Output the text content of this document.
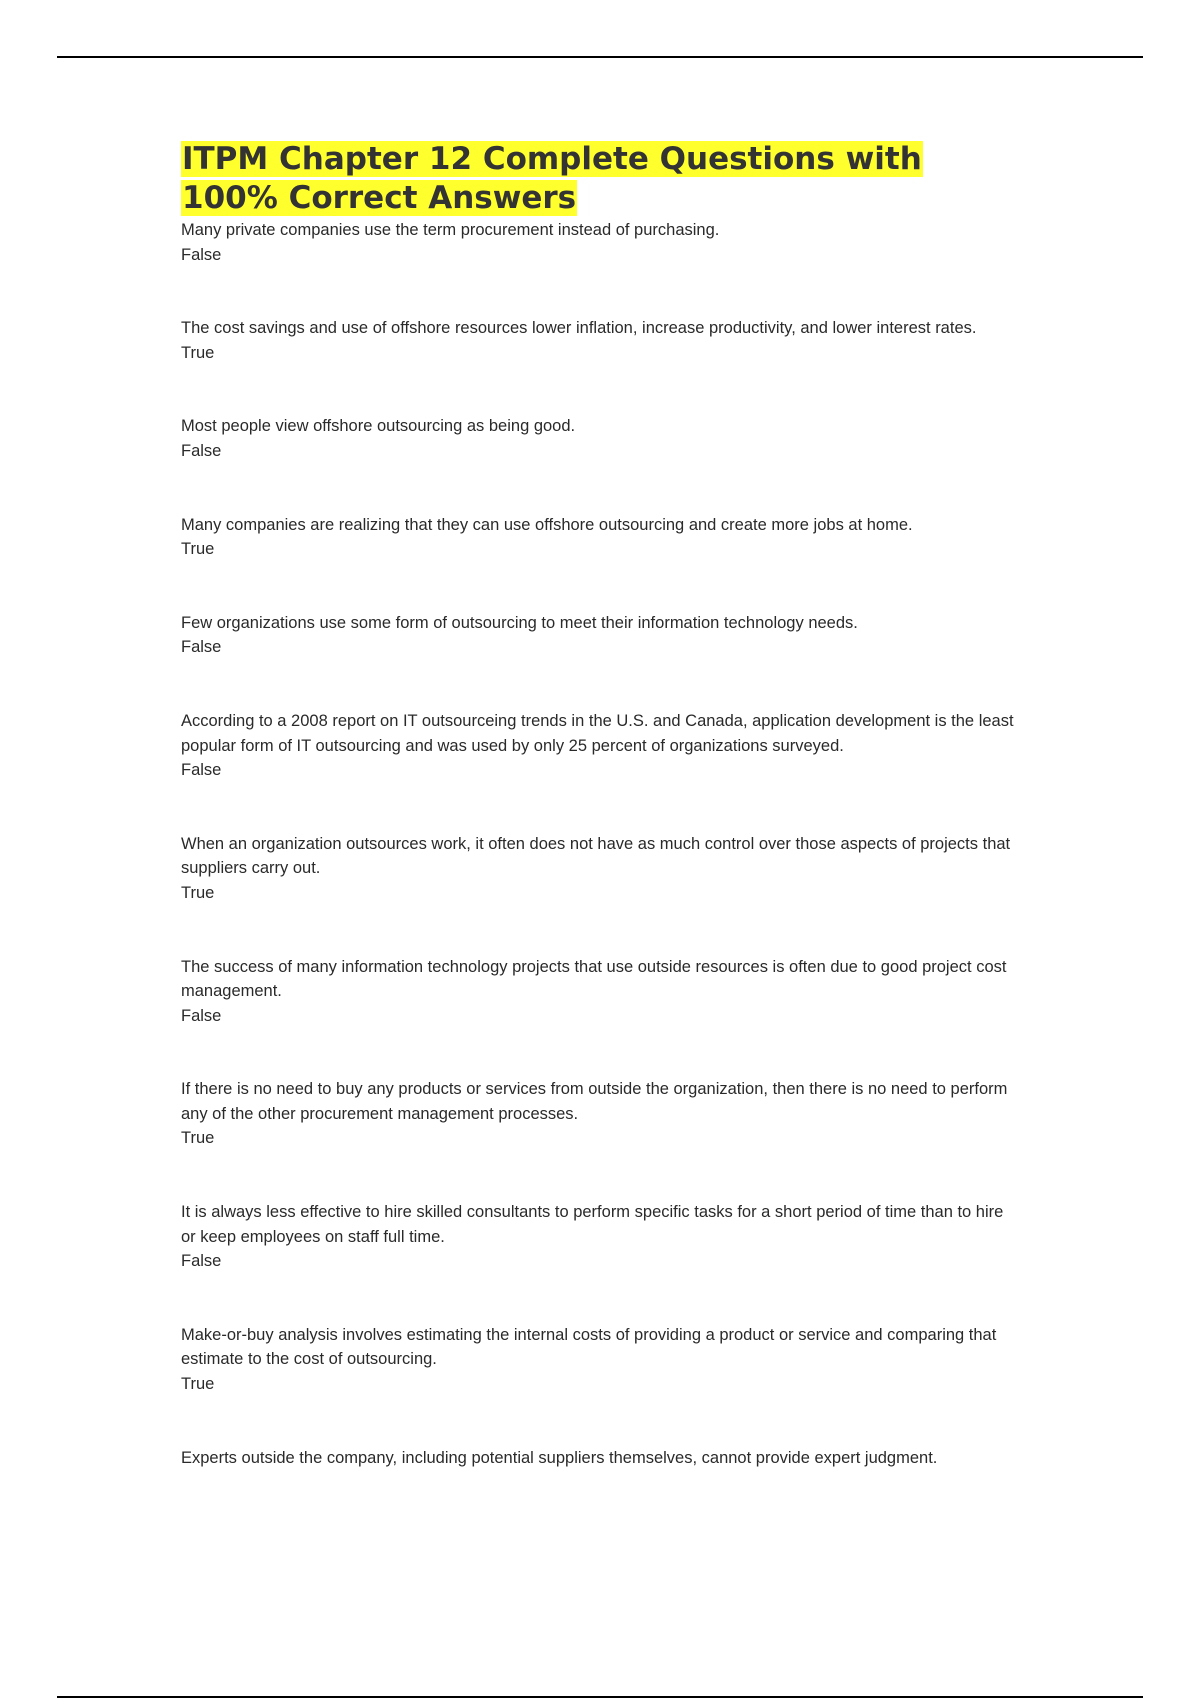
ITPM Chapter 12 Complete Questions with 100% Correct Answers

Many private companies use the term procurement instead of purchasing.
False

The cost savings and use of offshore resources lower inflation, increase productivity, and lower interest rates.
True

Most people view offshore outsourcing as being good.
False

Many companies are realizing that they can use offshore outsourcing and create more jobs at home.
True

Few organizations use some form of outsourcing to meet their information technology needs.
False

According to a 2008 report on IT outsourceing trends in the U.S. and Canada, application development is the least popular form of IT outsourcing and was used by only 25 percent of organizations surveyed.
False

When an organization outsources work, it often does not have as much control over those aspects of projects that suppliers carry out.
True

The success of many information technology projects that use outside resources is often due to good project cost management.
False

If there is no need to buy any products or services from outside the organization, then there is no need to perform any of the other procurement management processes.
True

It is always less effective to hire skilled consultants to perform specific tasks for a short period of time than to hire or keep employees on staff full time.
False

Make-or-buy analysis involves estimating the internal costs of providing a product or service and comparing that estimate to the cost of outsourcing.
True

Experts outside the company, including potential suppliers themselves, cannot provide expert judgment.
